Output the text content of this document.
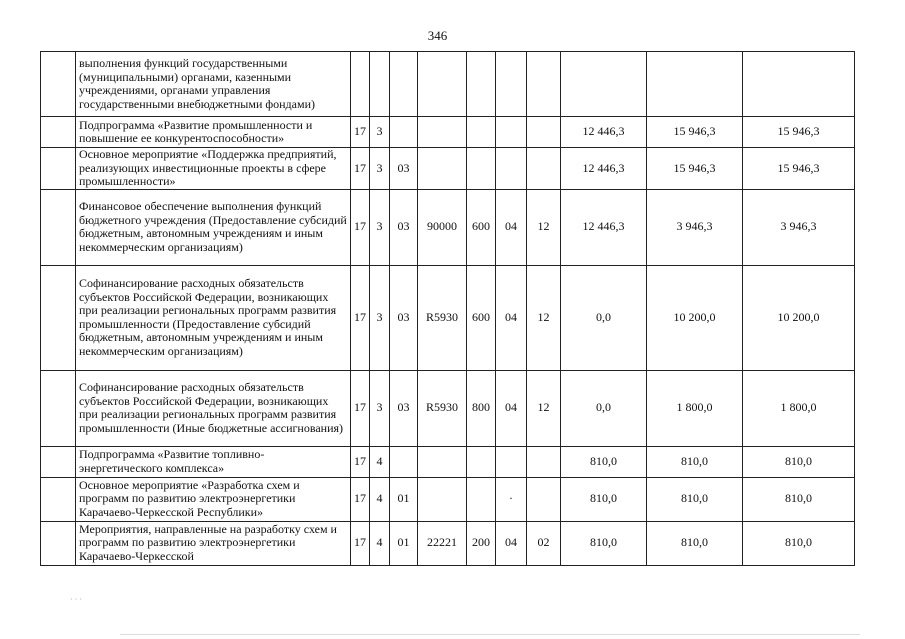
346
	выполнения функций государственными (муниципальными) органами, казенными учреждениями, органами управления государственными внебюджетными фондами)										
	Подпрограмма «Развитие промышленности и повышение ее конкурентоспособности»	17	3						12 446,3	15 946,3	15 946,3
	Основное мероприятие «Поддержка предприятий, реализующих инвестиционные проекты в сфере промышленности»	17	3	03					12 446,3	15 946,3	15 946,3
	Финансовое обеспечение выполнения функций бюджетного учреждения (Предоставление субсидий бюджетным, автономным учреждениям и иным некоммерческим организациям)	17	3	03	90000	600	04	12	12 446,3	3 946,3	3 946,3
	Софинансирование расходных обязательств субъектов Российской Федерации, возникающих при реализации региональных программ развития промышленности (Предоставление субсидий бюджетным, автономным учреждениям и иным некоммерческим организациям)	17	3	03	R5930	600	04	12	0,0	10 200,0	10 200,0
	Софинансирование расходных обязательств субъектов Российской Федерации, возникающих при реализации региональных программ развития промышленности (Иные бюджетные ассигнования)	17	3	03	R5930	800	04	12	0,0	1 800,0	1 800,0
	Подпрограмма «Развитие топливно-энергетического комплекса»	17	4						810,0	810,0	810,0
	Основное мероприятие «Разработка схем и программ по развитию электроэнергетики Карачаево-Черкесской Республики»	17	4	01			·		810,0	810,0	810,0
	Мероприятия, направленные на разработку схем и программ по развитию электроэнергетики Карачаево-Черкесской	17	4	01	22221	200	04	02	810,0	810,0	810,0
· · ·
